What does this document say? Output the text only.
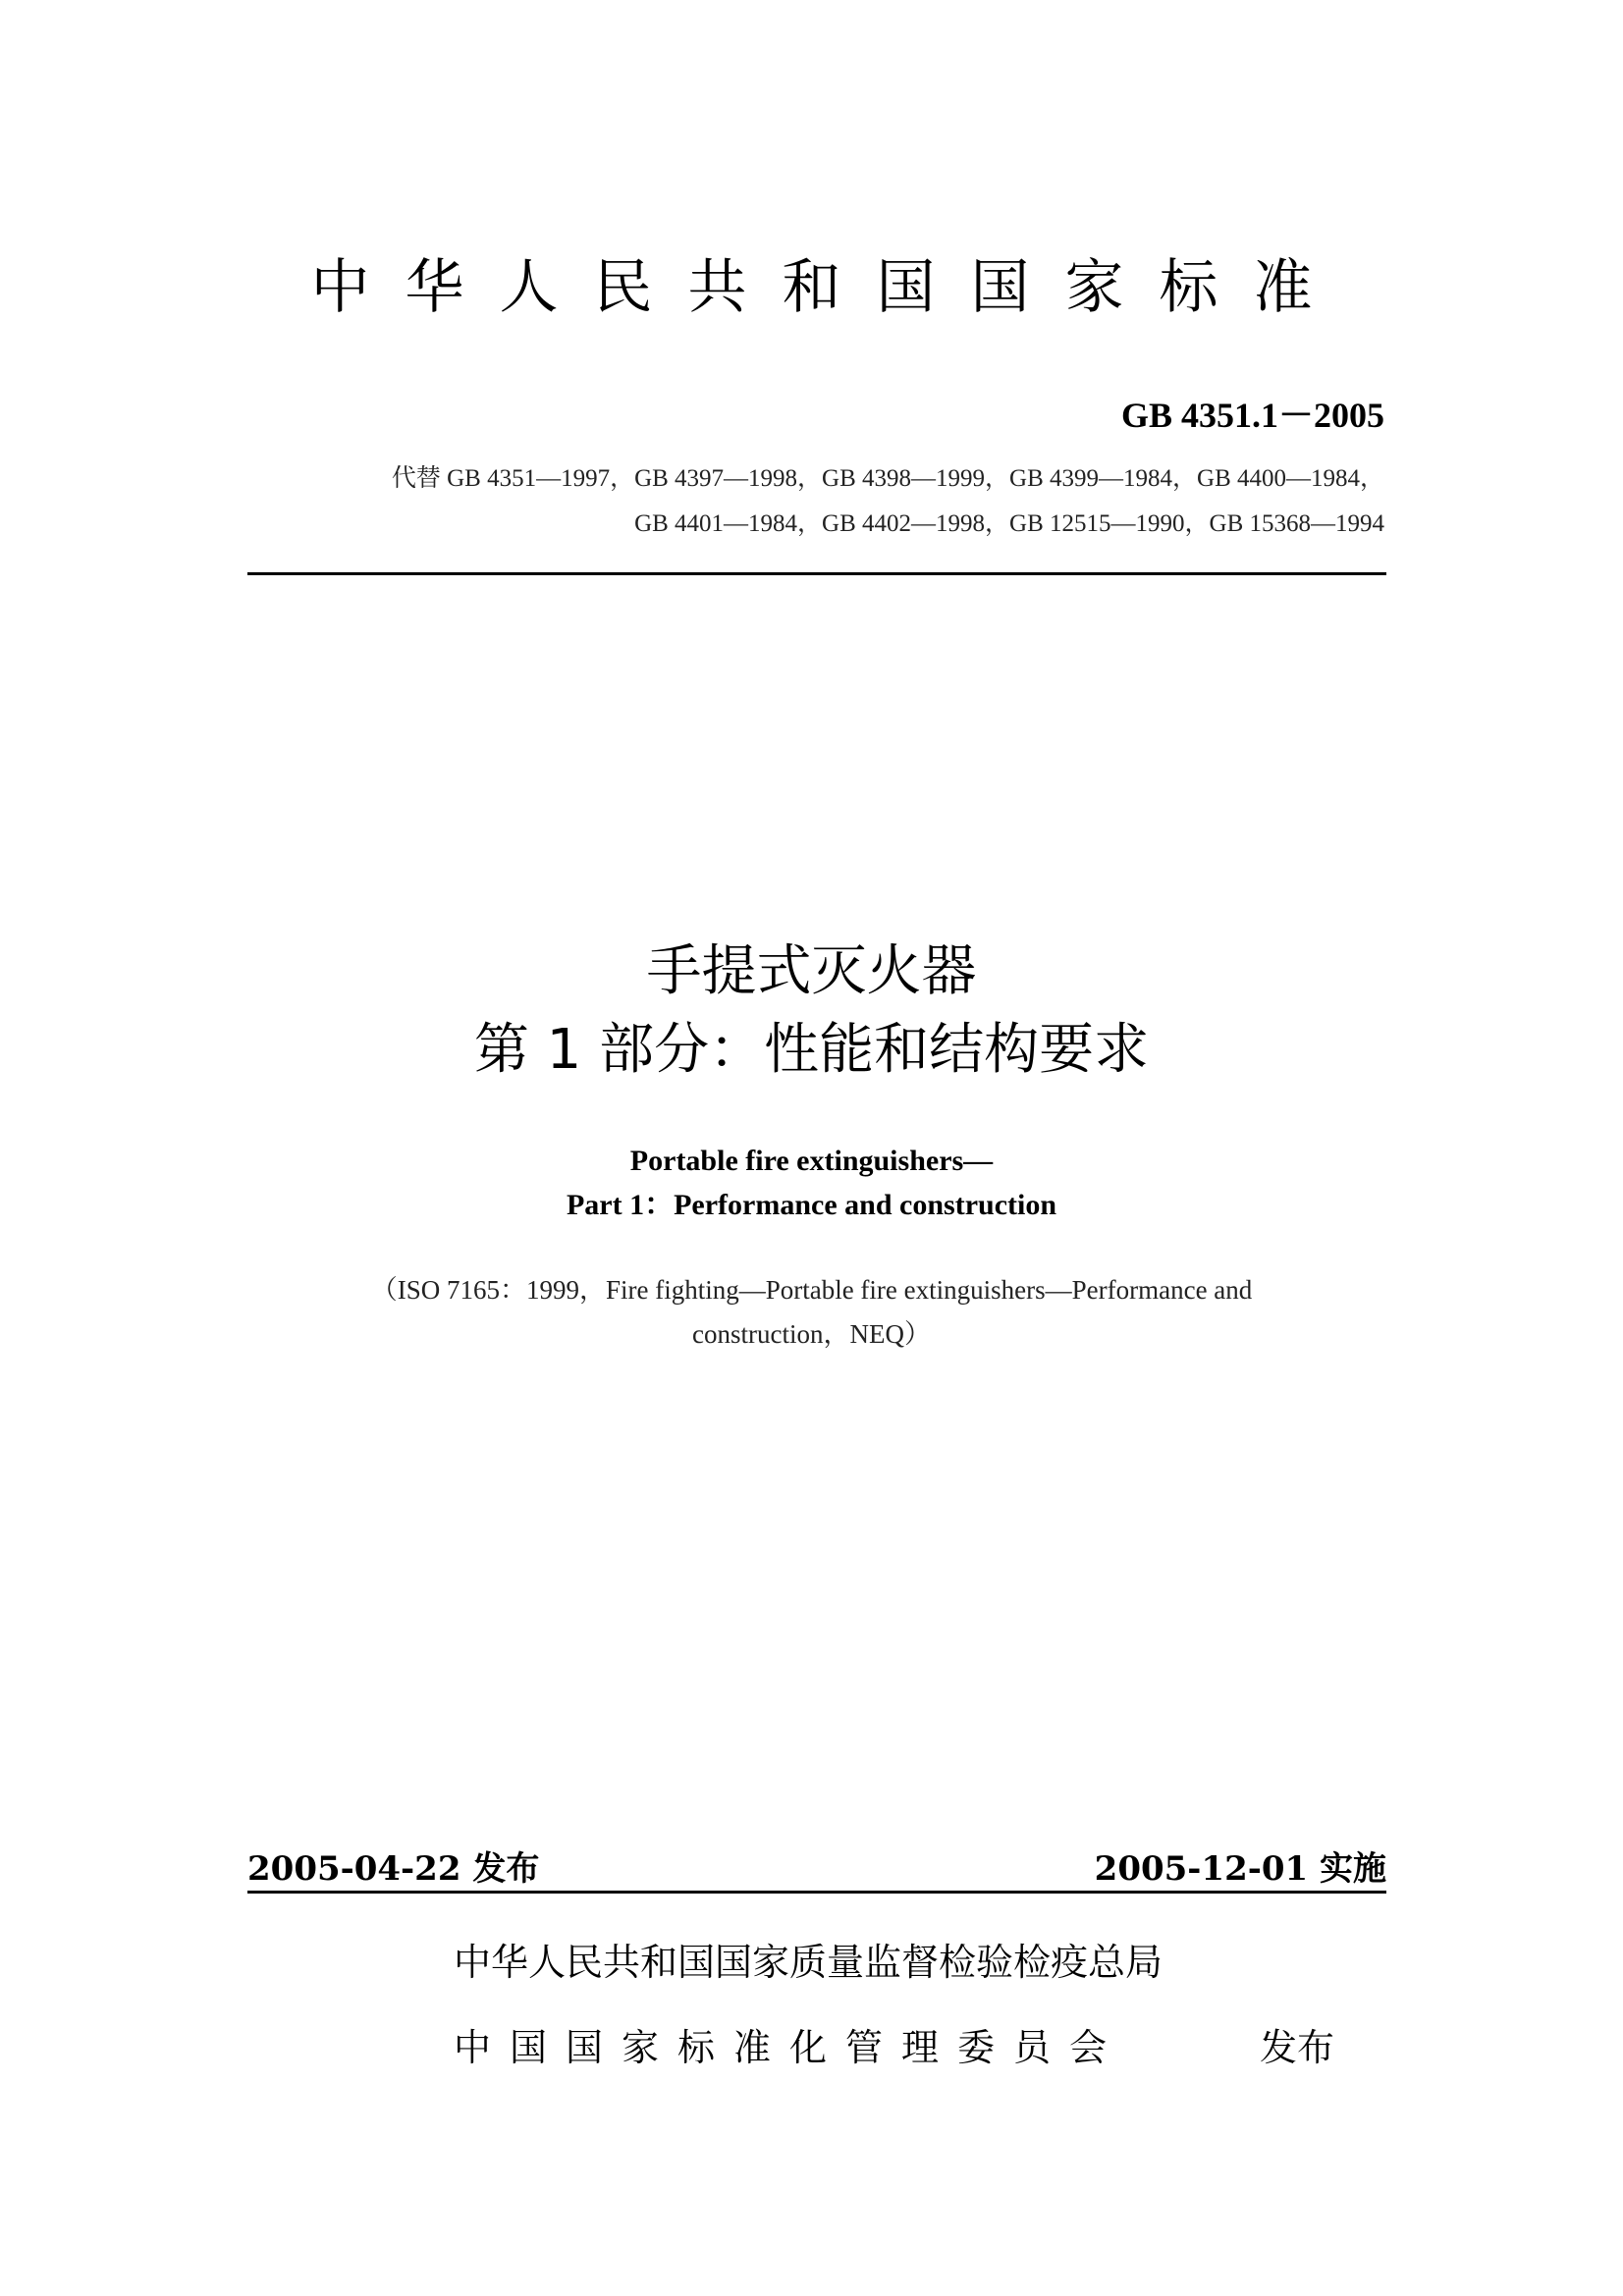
中华人民共和国国家标准
GB 4351.1－2005
代替 GB 4351—1997，GB 4397—1998，GB 4398—1999，GB 4399—1984，GB 4400—1984，
GB 4401—1984，GB 4402—1998，GB 12515—1990，GB 15368—1994
手提式灭火器
第 1 部分：性能和结构要求
Portable fire extinguishers—
Part 1：Performance and construction
（ISO 7165：1999，Fire fighting—Portable fire extinguishers—Performance and
construction，NEQ）
2005-04-22 发布	2005-12-01 实施
中华人民共和国国家质量监督检验检疫总局
中国国家标准化管理委员会	发布
